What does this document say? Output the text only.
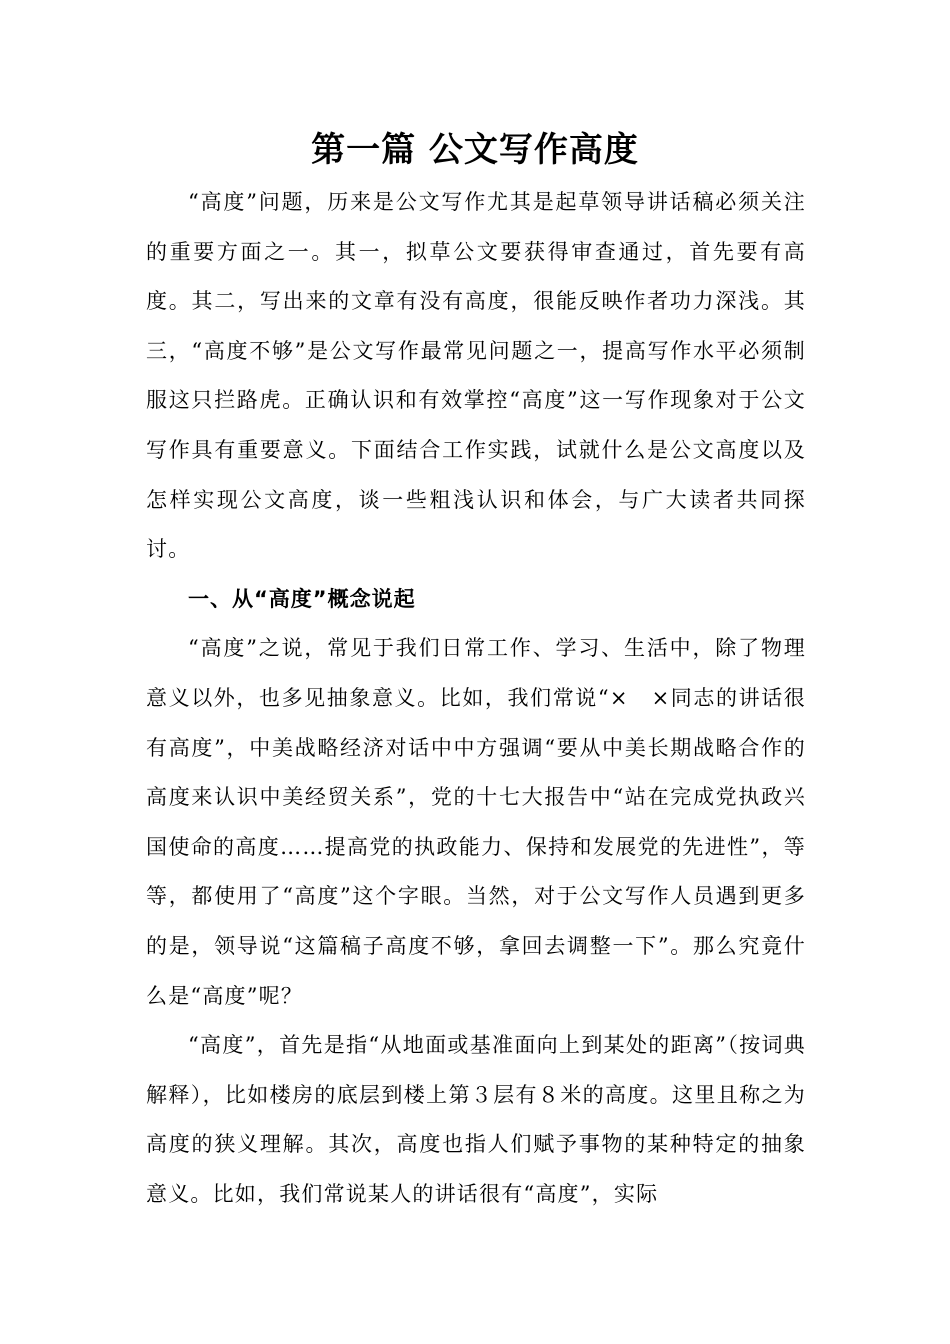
第一篇 公文写作高度

“高度”问题，历来是公文写作尤其是起草领导讲话稿必须关注的重要方面之一。其一，拟草公文要获得审查通过，首先要有高度。其二，写出来的文章有没有高度，很能反映作者功力深浅。其三，“高度不够”是公文写作最常见问题之一，提高写作水平必须制服这只拦路虎。正确认识和有效掌控“高度”这一写作现象对于公文写作具有重要意义。下面结合工作实践，试就什么是公文高度以及怎样实现公文高度，谈一些粗浅认识和体会，与广大读者共同探讨。

一、从“高度”概念说起

“高度”之说，常见于我们日常工作、学习、生活中，除了物理意义以外，也多见抽象意义。比如，我们常说“×　×同志的讲话很有高度”，中美战略经济对话中中方强调“要从中美长期战略合作的高度来认识中美经贸关系”，党的十七大报告中“站在完成党执政兴国使命的高度……提高党的执政能力、保持和发展党的先进性”，等等，都使用了“高度”这个字眼。当然，对于公文写作人员遇到更多的是，领导说“这篇稿子高度不够，拿回去调整一下”。那么究竟什么是“高度”呢？

“高度”，首先是指“从地面或基准面向上到某处的距离”（按词典解释），比如楼房的底层到楼上第３层有８米的高度。这里且称之为高度的狭义理解。其次，高度也指人们赋予事物的某种特定的抽象意义。比如，我们常说某人的讲话很有“高度”，实际
